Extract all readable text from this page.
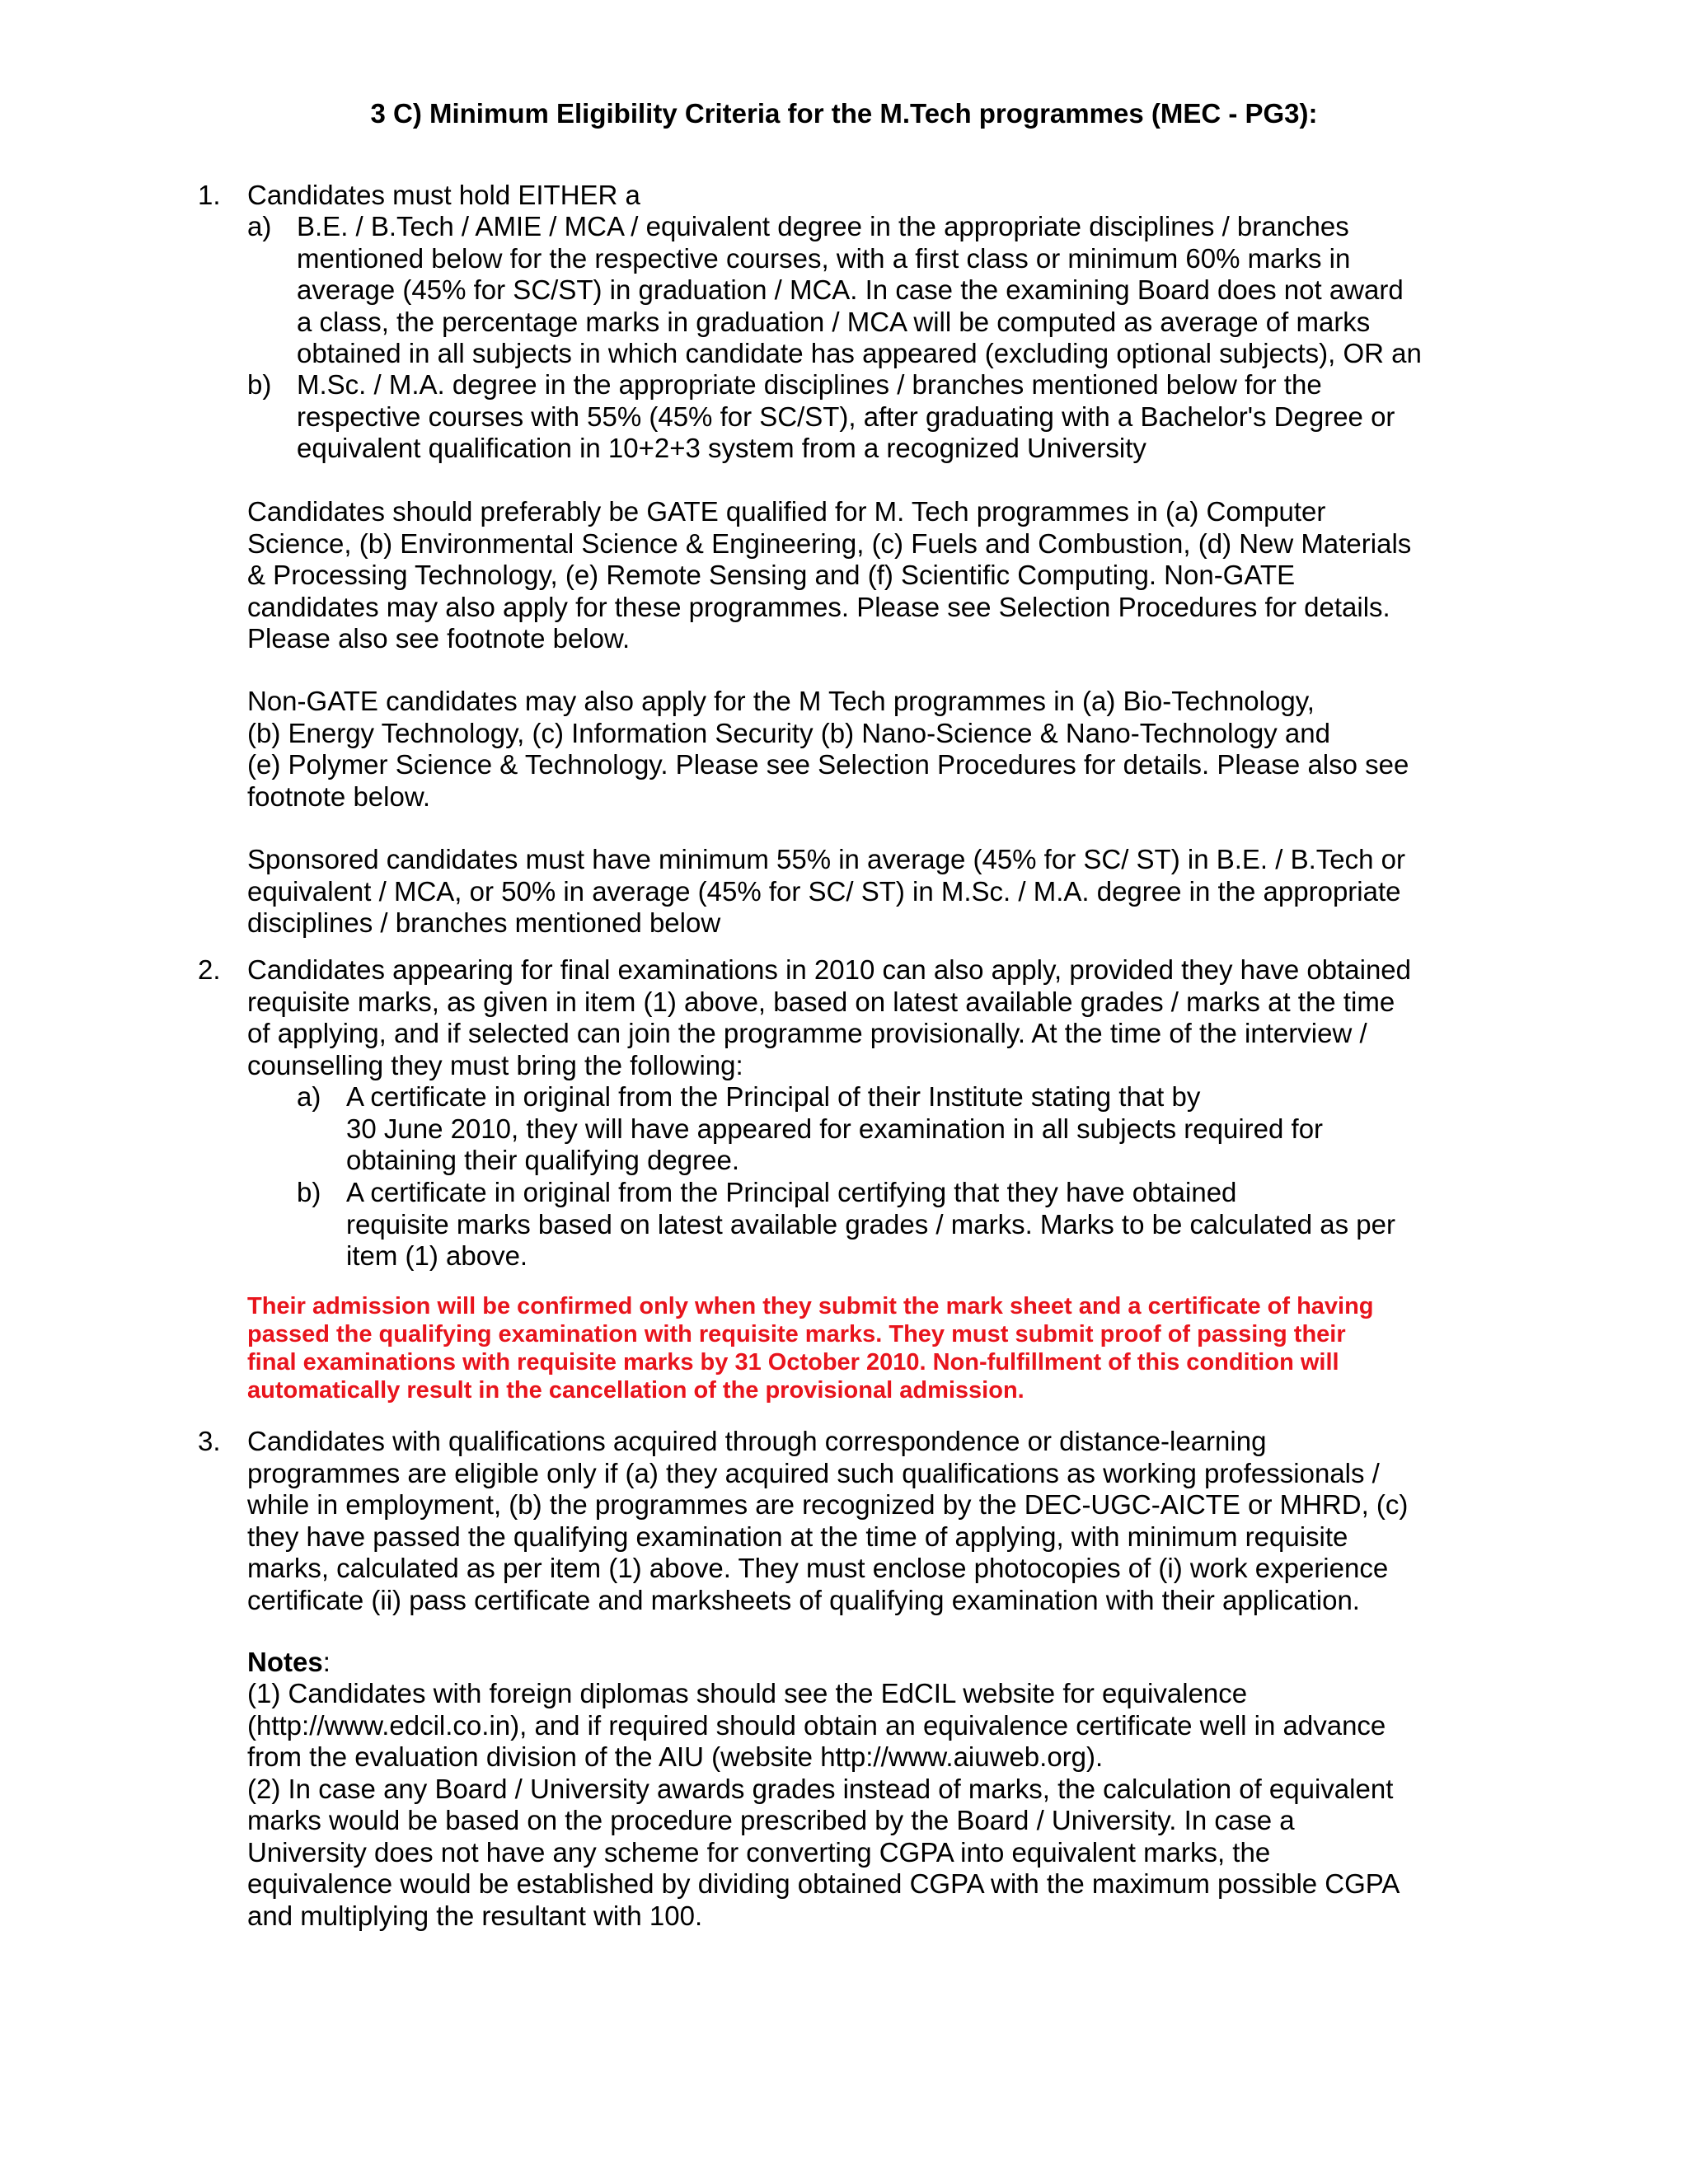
3 C) Minimum Eligibility Criteria for the M.Tech programmes (MEC - PG3):
1. Candidates must hold EITHER a
a) B.E. / B.Tech / AMIE / MCA / equivalent degree in the appropriate disciplines / branches
mentioned below for the respective courses, with a first class or minimum 60% marks in
average (45% for SC/ST) in graduation / MCA. In case the examining Board does not award
a class, the percentage marks in graduation / MCA will be computed as average of marks
obtained in all subjects in which candidate has appeared (excluding optional subjects), OR an
b) M.Sc. / M.A. degree in the appropriate disciplines / branches mentioned below for the
respective courses with 55% (45% for SC/ST), after graduating with a Bachelor's Degree or
equivalent qualification in 10+2+3 system from a recognized University
Candidates should preferably be GATE qualified for M. Tech programmes in (a) Computer
Science, (b) Environmental Science & Engineering, (c) Fuels and Combustion, (d) New Materials
& Processing Technology, (e) Remote Sensing and (f) Scientific Computing. Non-GATE
candidates may also apply for these programmes. Please see Selection Procedures for details.
Please also see footnote below.
Non-GATE candidates may also apply for the M Tech programmes in (a) Bio-Technology,
(b) Energy Technology, (c) Information Security (b) Nano-Science & Nano-Technology and
(e) Polymer Science & Technology. Please see Selection Procedures for details. Please also see
footnote below.
Sponsored candidates must have minimum 55% in average (45% for SC/ ST) in B.E. / B.Tech or
equivalent / MCA, or 50% in average (45% for SC/ ST) in M.Sc. / M.A. degree in the appropriate
disciplines / branches mentioned below
2. Candidates appearing for final examinations in 2010 can also apply, provided they have obtained
requisite marks, as given in item (1) above, based on latest available grades / marks at the time
of applying, and if selected can join the programme provisionally. At the time of the interview /
counselling they must bring the following:
a) A certificate in original from the Principal of their Institute stating that by
30 June 2010, they will have appeared for examination in all subjects required for
obtaining their qualifying degree.
b) A certificate in original from the Principal certifying that they have obtained
requisite marks based on latest available grades / marks. Marks to be calculated as per
item (1) above.
Their admission will be confirmed only when they submit the mark sheet and a certificate of having
passed the qualifying examination with requisite marks. They must submit proof of passing their
final examinations with requisite marks by 31 October 2010. Non-fulfillment of this condition will
automatically result in the cancellation of the provisional admission.
3. Candidates with qualifications acquired through correspondence or distance-learning
programmes are eligible only if (a) they acquired such qualifications as working professionals /
while in employment, (b) the programmes are recognized by the DEC-UGC-AICTE or MHRD, (c)
they have passed the qualifying examination at the time of applying, with minimum requisite
marks, calculated as per item (1) above. They must enclose photocopies of (i) work experience
certificate (ii) pass certificate and marksheets of qualifying examination with their application.
Notes:
(1) Candidates with foreign diplomas should see the EdCIL website for equivalence
(http://www.edcil.co.in), and if required should obtain an equivalence certificate well in advance
from the evaluation division of the AIU (website http://www.aiuweb.org).
(2) In case any Board / University awards grades instead of marks, the calculation of equivalent
marks would be based on the procedure prescribed by the Board / University. In case a
University does not have any scheme for converting CGPA into equivalent marks, the
equivalence would be established by dividing obtained CGPA with the maximum possible CGPA
and multiplying the resultant with 100.
